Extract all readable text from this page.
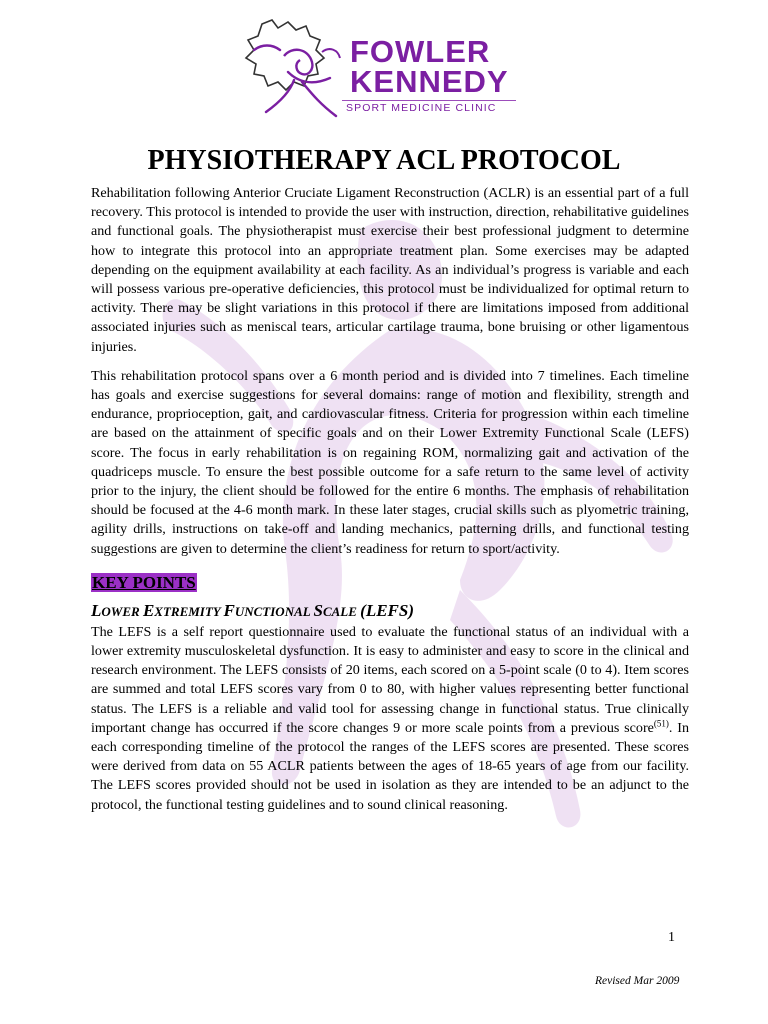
FOWLER
KENNEDY
SPORT MEDICINE CLINIC
PHYSIOTHERAPY ACL PROTOCOL

Rehabilitation following Anterior Cruciate Ligament Reconstruction (ACLR) is an essential part of a full recovery. This protocol is intended to provide the user with instruction, direction, rehabilitative guidelines and functional goals. The physiotherapist must exercise their best professional judgment to determine how to integrate this protocol into an appropriate treatment plan. Some exercises may be adapted depending on the equipment availability at each facility. As an individual’s progress is variable and each will possess various pre-operative deficiencies, this protocol must be individualized for optimal return to activity. There may be slight variations in this protocol if there are limitations imposed from additional associated injuries such as meniscal tears, articular cartilage trauma, bone bruising or other ligamentous injuries.

This rehabilitation protocol spans over a 6 month period and is divided into 7 timelines. Each timeline has goals and exercise suggestions for several domains: range of motion and flexibility, strength and endurance, proprioception, gait, and cardiovascular fitness. Criteria for progression within each timeline are based on the attainment of specific goals and on their Lower Extremity Functional Scale (LEFS) score. The focus in early rehabilitation is on regaining ROM, normalizing gait and activation of the quadriceps muscle. To ensure the best possible outcome for a safe return to the same level of activity prior to the injury, the client should be followed for the entire 6 months. The emphasis of rehabilitation should be focused at the 4-6 month mark. In these later stages, crucial skills such as plyometric training, agility drills, instructions on take-off and landing mechanics, patterning drills, and functional testing suggestions are given to determine the client’s readiness for return to sport/activity.

KEY POINTS
LOWER EXTREMITY FUNCTIONAL SCALE (LEFS)

The LEFS is a self report questionnaire used to evaluate the functional status of an individual with a lower extremity musculoskeletal dysfunction. It is easy to administer and easy to score in the clinical and research environment. The LEFS consists of 20 items, each scored on a 5-point scale (0 to 4). Item scores are summed and total LEFS scores vary from 0 to 80, with higher values representing better functional status. The LEFS is a reliable and valid tool for assessing change in functional status. True clinically important change has occurred if the score changes 9 or more scale points from a previous score$^{(51)}$. In each corresponding timeline of the protocol the ranges of the LEFS scores are presented. These scores were derived from data on 55 ACLR patients between the ages of 18-65 years of age from our facility. The LEFS scores provided should not be used in isolation as they are intended to be an adjunct to the protocol, the functional testing guidelines and to sound clinical reasoning.

1
Revised Mar 2009
